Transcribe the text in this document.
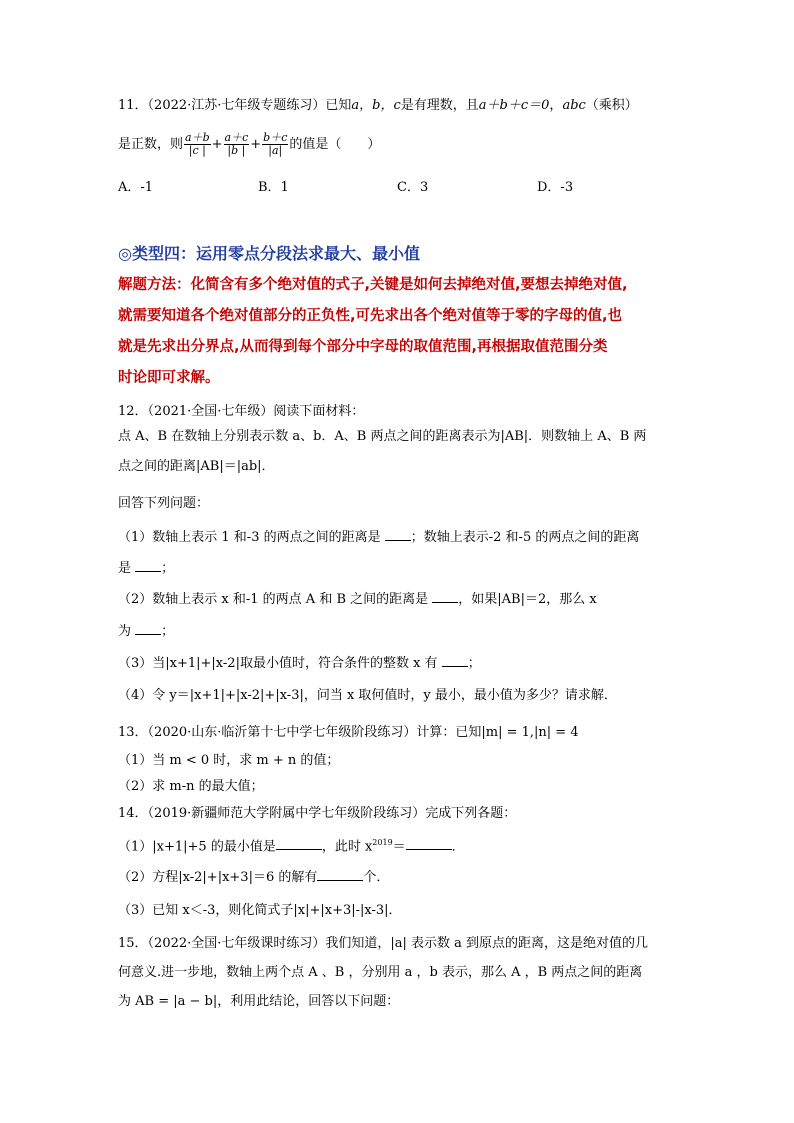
11．（2022·江苏·七年级专题练习）已知a，b，c是有理数，且a＋b＋c＝0，abc（乘积）
是正数，则 $\frac{a+b}{|c |} + \frac{a+c}{|b |} + \frac{b+c}{|a|}$ 的值是（　　）
A．-1	B．1	C．3	D．-3
◎类型四：运用零点分段法求最大、最小值
解题方法：化简含有多个绝对值的式子,关键是如何去掉绝对值,要想去掉绝对值,
就需要知道各个绝对值部分的正负性,可先求出各个绝对值等于零的字母的值,也
就是先求出分界点,从而得到每个部分中字母的取值范围,再根据取值范围分类
时论即可求解。
12．（2021·全国·七年级）阅读下面材料：
点 A、B 在数轴上分别表示数 a、b．A、B 两点之间的距离表示为|AB|．则数轴上 A、B 两
点之间的距离|AB|＝|ab|．
回答下列问题：
（1）数轴上表示 1 和-3 的两点之间的距离是 ；数轴上表示-2 和-5 的两点之间的距离
是 ；
（2）数轴上表示 x 和-1 的两点 A 和 B 之间的距离是 ，如果|AB|＝2，那么 x
为 ；
（3）当|x+1|+|x-2|取最小值时，符合条件的整数 x 有 ；
（4）令 y＝|x+1|+|x-2|+|x-3|，问当 x 取何值时，y 最小，最小值为多少？请求解．
13．（2020·山东·临沂第十七中学七年级阶段练习）计算：已知|m| = 1,|n| = 4
（1）当 m < 0 时，求 m + n 的值；
（2）求 m-n 的最大值；
14．（2019·新疆师范大学附属中学七年级阶段练习）完成下列各题：
（1）|x+1|+5 的最小值是	，此时 $x^{2019}=$	．
（2）方程|x-2|+|x+3|＝6 的解有	个．
（3）已知 x＜-3，则化简式子|x|+|x+3|-|x-3|．
15．（2022·全国·七年级课时练习）我们知道，|a| 表示数 a 到原点的距离，这是绝对值的几
何意义.进一步地，数轴上两个点 A 、B ，分别用 a ，b 表示，那么 A ，B 两点之间的距离
为 AB = |a − b|，利用此结论，回答以下问题：
